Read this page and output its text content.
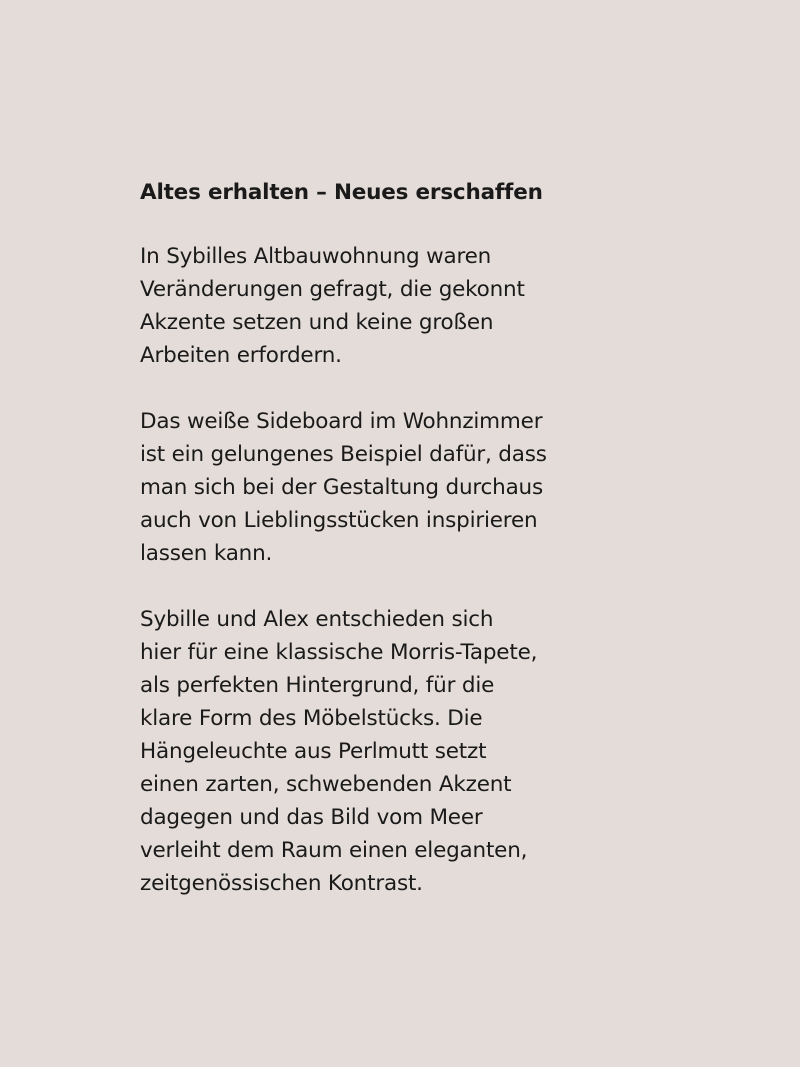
Altes erhalten – Neues erschaffen

In Sybilles Altbauwohnung waren
Veränderungen gefragt, die gekonnt
Akzente setzen und keine großen
Arbeiten erfordern.

Das weiße Sideboard im Wohnzimmer
ist ein gelungenes Beispiel dafür, dass
man sich bei der Gestaltung durchaus
auch von Lieblingsstücken inspirieren
lassen kann.

Sybille und Alex entschieden sich
hier für eine klassische Morris-Tapete,
als perfekten Hintergrund, für die
klare Form des Möbelstücks. Die
Hängeleuchte aus Perlmutt setzt
einen zarten, schwebenden Akzent
dagegen und das Bild vom Meer
verleiht dem Raum einen eleganten,
zeitgenössischen Kontrast.
